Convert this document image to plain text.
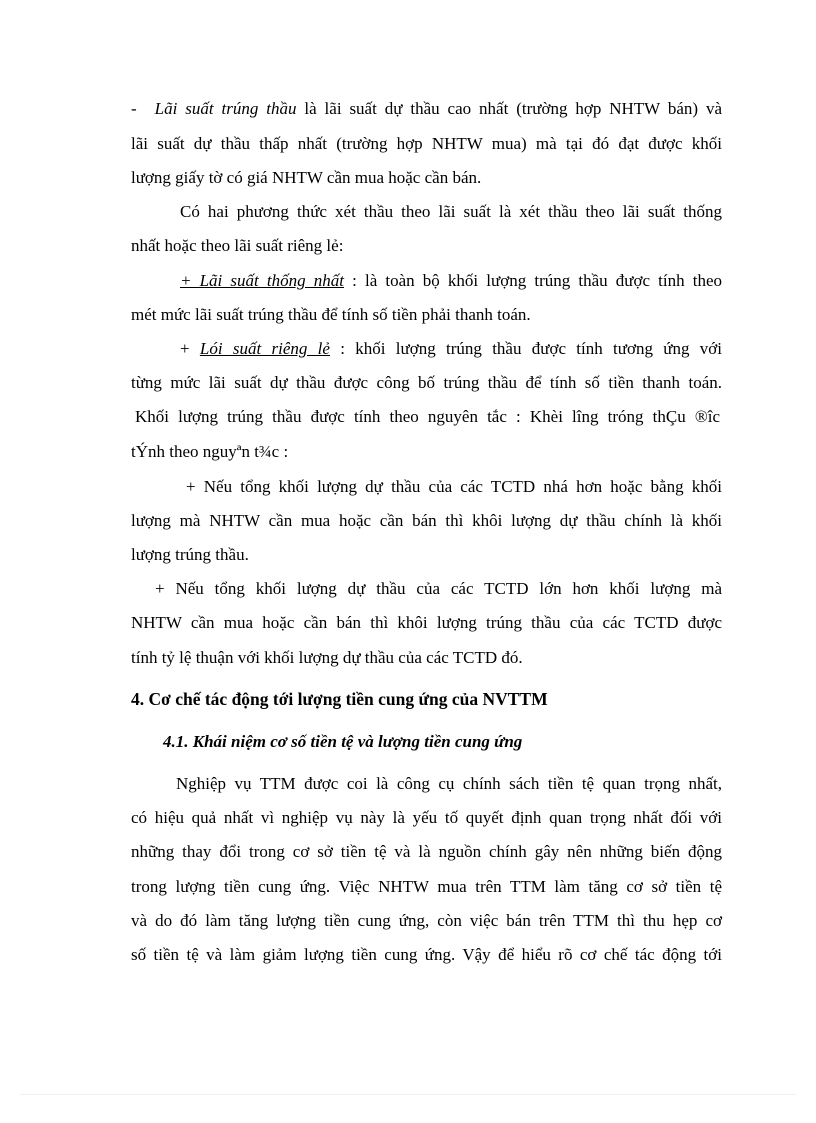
- Lãi suất trúng thầu là lãi suất dự thầu cao nhất (trường hợp NHTW bán) và
lãi suất dự thầu thấp nhất (trường hợp NHTW mua) mà tại đó đạt được khối
lượng giấy tờ có giá NHTW cần mua hoặc cần bán.
Có hai phương thức xét thầu theo lãi suất là xét thầu theo lãi suất thống
nhất hoặc theo lãi suất riêng lẻ:
+ Lãi suất thống nhất : là toàn bộ khối lượng trúng thầu được tính theo
mét mức lãi suất trúng thầu để tính số tiền phải thanh toán.
+ Lói suất riêng lẻ : khối lượng trúng thầu được tính tương ứng với
từng mức lãi suất dự thầu được công bố trúng thầu để tính số tiền thanh toán.
Khối lượng trúng thầu được tính theo nguyên tắc : Khèi lîng tróng thÇu ®îc
tÝnh theo nguyªn t¾c :
+ Nếu tổng khối lượng dự thầu của các TCTD nhá hơn hoặc bằng khối
lượng mà NHTW cần mua hoặc cần bán thì khôi lượng dự thầu chính là khối
lượng trúng thầu.
+ Nếu tổng khối lượng dự thầu của các TCTD lớn hơn khối lượng mà
NHTW cần mua hoặc cần bán thì khôi lượng trúng thầu của các TCTD được
tính tỷ lệ thuận với khối lượng dự thầu của các TCTD đó.
4. Cơ chế tác động tới lượng tiền cung ứng của NVTTM
4.1. Khái niệm cơ số tiền tệ và lượng tiền cung ứng
Nghiệp vụ TTM được coi là công cụ chính sách tiền tệ quan trọng nhất,
có hiệu quả nhất vì nghiệp vụ này là yếu tố quyết định quan trọng nhất đối với
những thay đổi trong cơ sở tiền tệ và là nguồn chính gây nên những biến động
trong lượng tiền cung ứng. Việc NHTW mua trên TTM làm tăng cơ sở tiền tệ
và do đó làm tăng lượng tiền cung ứng, còn việc bán trên TTM thì thu hẹp cơ
số tiền tệ và làm giảm lượng tiền cung ứng. Vậy để hiểu rõ cơ chế tác động tới
